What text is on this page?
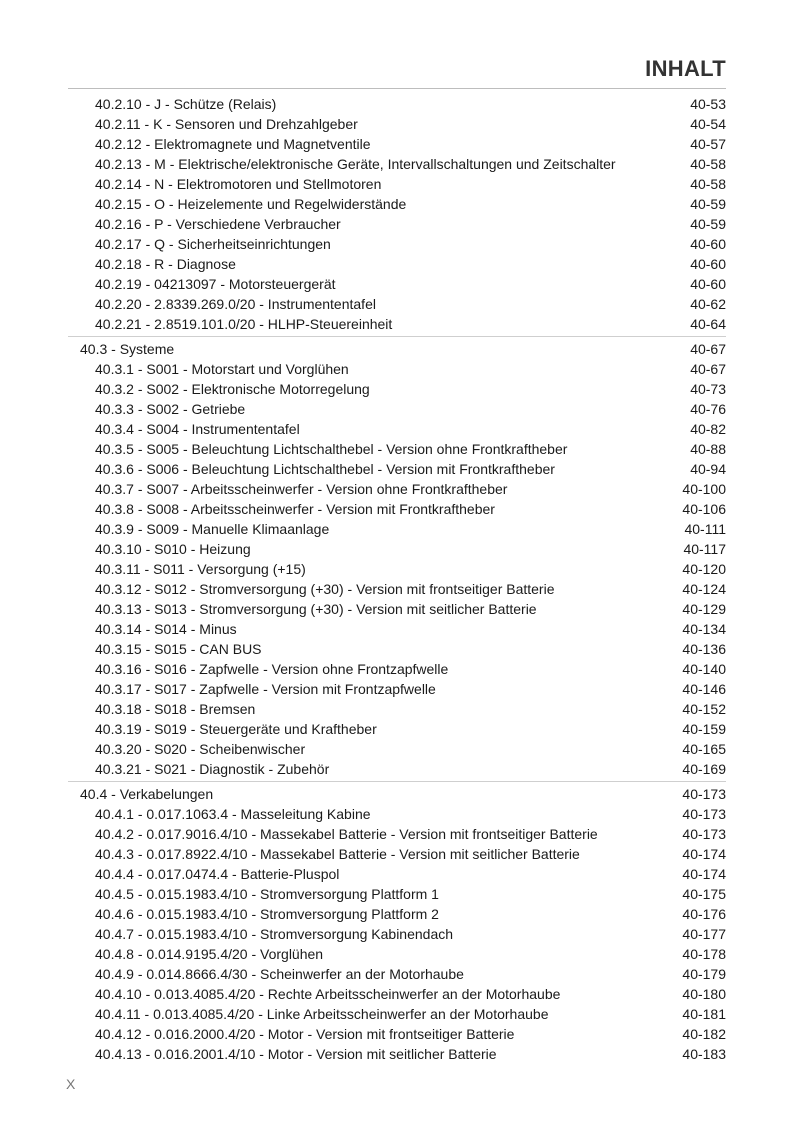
INHALT
40.2.10 - J - Schütze (Relais)	40-53
40.2.11 - K - Sensoren und Drehzahlgeber	40-54
40.2.12 - Elektromagnete und Magnetventile	40-57
40.2.13 - M - Elektrische/elektronische Geräte, Intervallschaltungen und Zeitschalter	40-58
40.2.14 - N - Elektromotoren und Stellmotoren	40-58
40.2.15 - O - Heizelemente und Regelwiderstände	40-59
40.2.16 - P - Verschiedene Verbraucher	40-59
40.2.17 - Q - Sicherheitseinrichtungen	40-60
40.2.18 - R - Diagnose	40-60
40.2.19 - 04213097 - Motorsteuergerät	40-60
40.2.20 - 2.8339.269.0/20 - Instrumententafel	40-62
40.2.21 - 2.8519.101.0/20 - HLHP-Steuereinheit	40-64
40.3 - Systeme	40-67
40.3.1 - S001 - Motorstart und Vorglühen	40-67
40.3.2 - S002 - Elektronische Motorregelung	40-73
40.3.3 - S002 - Getriebe	40-76
40.3.4 - S004 - Instrumententafel	40-82
40.3.5 - S005 - Beleuchtung Lichtschalthebel - Version ohne Frontkraftheber	40-88
40.3.6 - S006 - Beleuchtung Lichtschalthebel - Version mit Frontkraftheber	40-94
40.3.7 - S007 - Arbeitsscheinwerfer - Version ohne Frontkraftheber	40-100
40.3.8 - S008 - Arbeitsscheinwerfer - Version mit Frontkraftheber	40-106
40.3.9 - S009 - Manuelle Klimaanlage	40-111
40.3.10 - S010 - Heizung	40-117
40.3.11 - S011 - Versorgung (+15)	40-120
40.3.12 - S012 - Stromversorgung (+30) - Version mit frontseitiger Batterie	40-124
40.3.13 - S013 - Stromversorgung (+30) - Version mit seitlicher Batterie	40-129
40.3.14 - S014 - Minus	40-134
40.3.15 - S015 - CAN BUS	40-136
40.3.16 - S016 - Zapfwelle - Version ohne Frontzapfwelle	40-140
40.3.17 - S017 - Zapfwelle - Version mit Frontzapfwelle	40-146
40.3.18 - S018 - Bremsen	40-152
40.3.19 - S019 - Steuergeräte und Kraftheber	40-159
40.3.20 - S020 - Scheibenwischer	40-165
40.3.21 - S021 - Diagnostik - Zubehör	40-169
40.4 - Verkabelungen	40-173
40.4.1 - 0.017.1063.4 - Masseleitung Kabine	40-173
40.4.2 - 0.017.9016.4/10 - Massekabel Batterie - Version mit frontseitiger Batterie	40-173
40.4.3 - 0.017.8922.4/10 - Massekabel Batterie - Version mit seitlicher Batterie	40-174
40.4.4 - 0.017.0474.4 - Batterie-Pluspol	40-174
40.4.5 - 0.015.1983.4/10 - Stromversorgung Plattform 1	40-175
40.4.6 - 0.015.1983.4/10 - Stromversorgung Plattform 2	40-176
40.4.7 - 0.015.1983.4/10 - Stromversorgung Kabinendach	40-177
40.4.8 - 0.014.9195.4/20 - Vorglühen	40-178
40.4.9 - 0.014.8666.4/30 - Scheinwerfer an der Motorhaube	40-179
40.4.10 - 0.013.4085.4/20 - Rechte Arbeitsscheinwerfer an der Motorhaube	40-180
40.4.11 - 0.013.4085.4/20 - Linke Arbeitsscheinwerfer an der Motorhaube	40-181
40.4.12 - 0.016.2000.4/20 - Motor - Version mit frontseitiger Batterie	40-182
40.4.13 - 0.016.2001.4/10 - Motor - Version mit seitlicher Batterie	40-183
X
